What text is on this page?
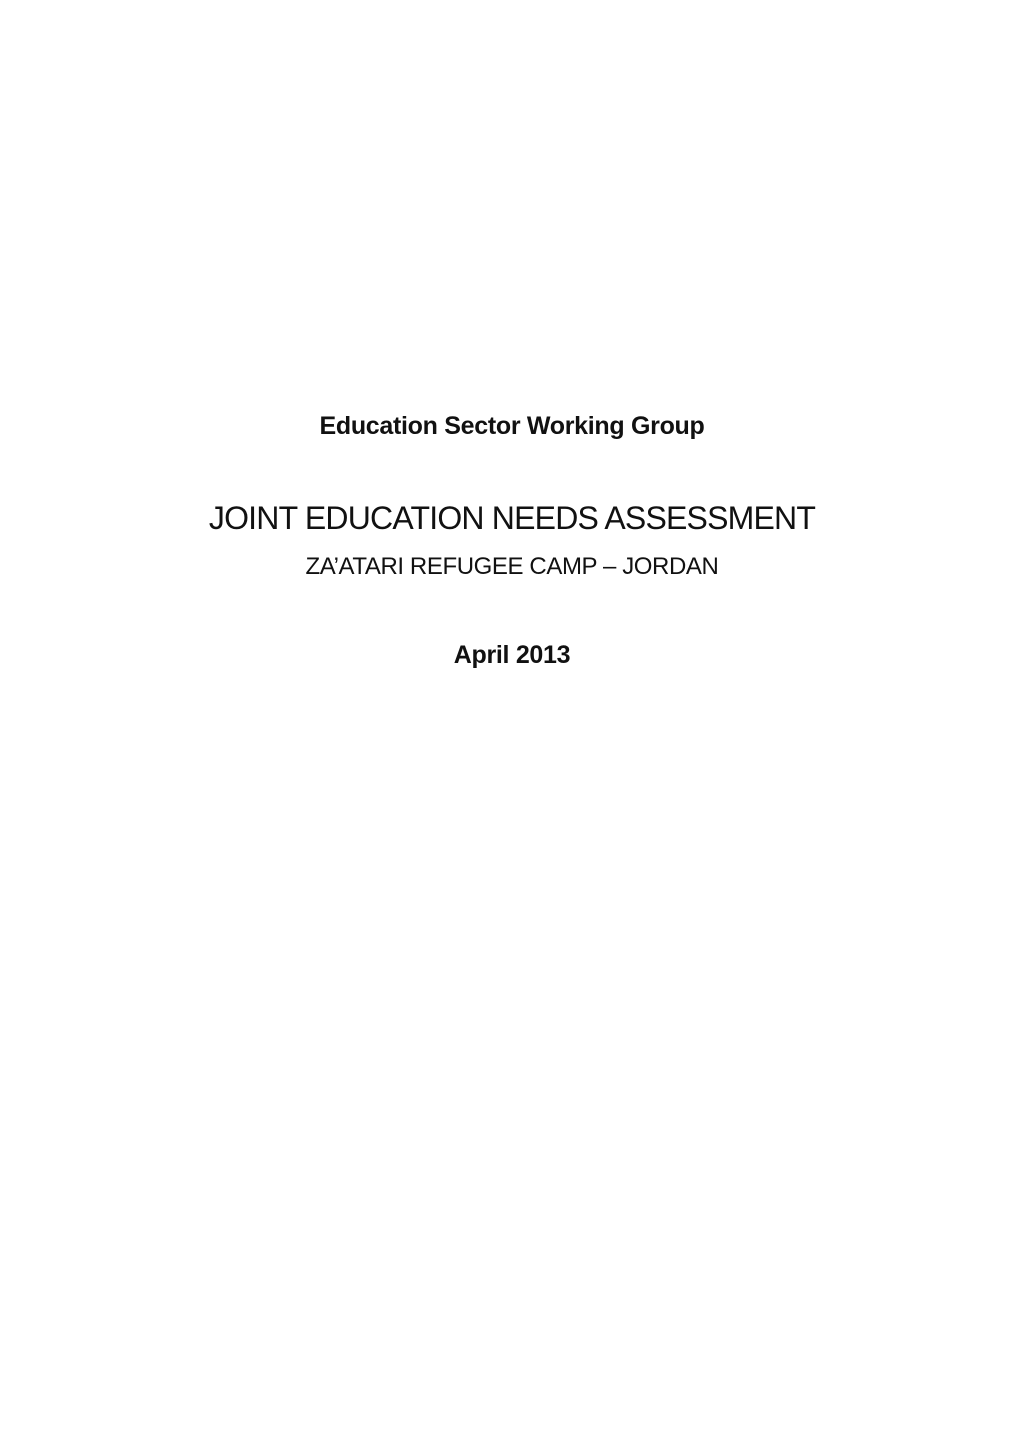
Education Sector Working Group
JOINT EDUCATION NEEDS ASSESSMENT
ZA’ATARI REFUGEE CAMP – JORDAN
April 2013
